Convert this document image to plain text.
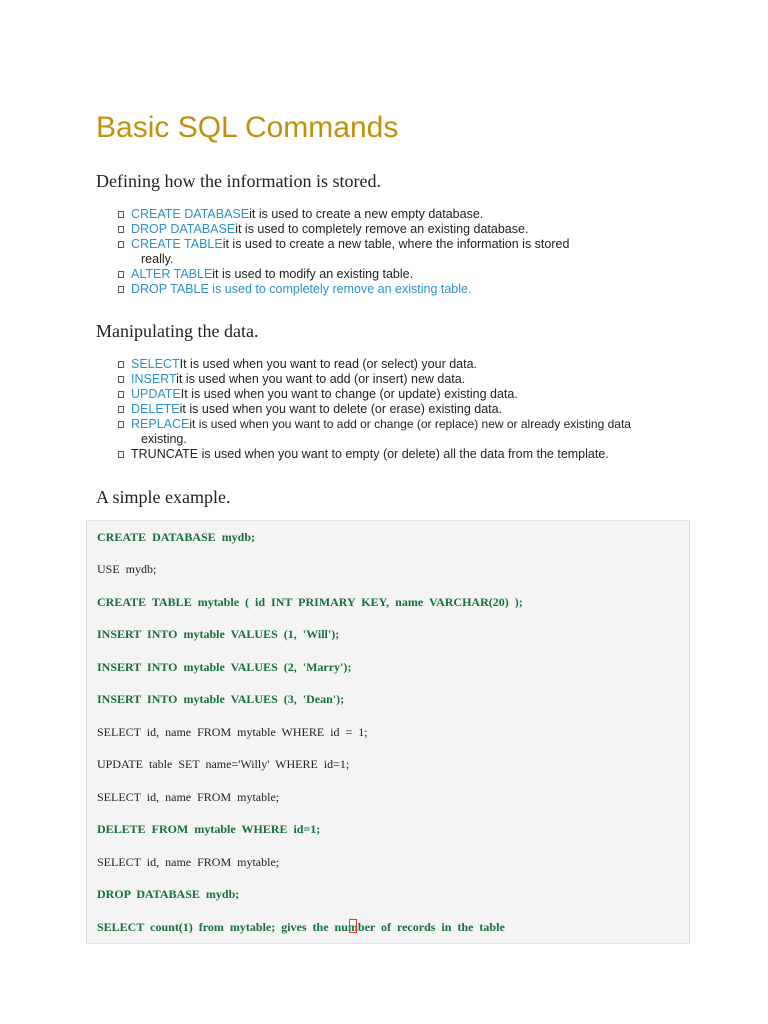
Basic SQL Commands
Defining how the information is stored.
CREATE DATABASEit is used to create a new empty database.
DROP DATABASEit is used to completely remove an existing database.
CREATE TABLEit is used to create a new table, where the information is stored
really.
ALTER TABLEit is used to modify an existing table.
DROP TABLE is used to completely remove an existing table.
Manipulating the data.
SELECTIt is used when you want to read (or select) your data.
INSERTit is used when you want to add (or insert) new data.
UPDATEIt is used when you want to change (or update) existing data.
DELETEit is used when you want to delete (or erase) existing data.
REPLACEit is used when you want to add or change (or replace) new or already existing data
existing.
TRUNCATE is used when you want to empty (or delete) all the data from the template.
A simple example.

CREATE DATABASE mydb;

USE mydb;

CREATE TABLE mytable ( id INT PRIMARY KEY, name VARCHAR(20) );

INSERT INTO mytable VALUES (1, 'Will');

INSERT INTO mytable VALUES (2, 'Marry');

INSERT INTO mytable VALUES (3, 'Dean');

SELECT id, name FROM mytable WHERE id = 1;

UPDATE table SET name='Willy' WHERE id=1;

SELECT id, name FROM mytable;

DELETE FROM mytable WHERE id=1;

SELECT id, name FROM mytable;

DROP DATABASE mydb;

SELECT count(1) from mytable; gives the number of records in the table
